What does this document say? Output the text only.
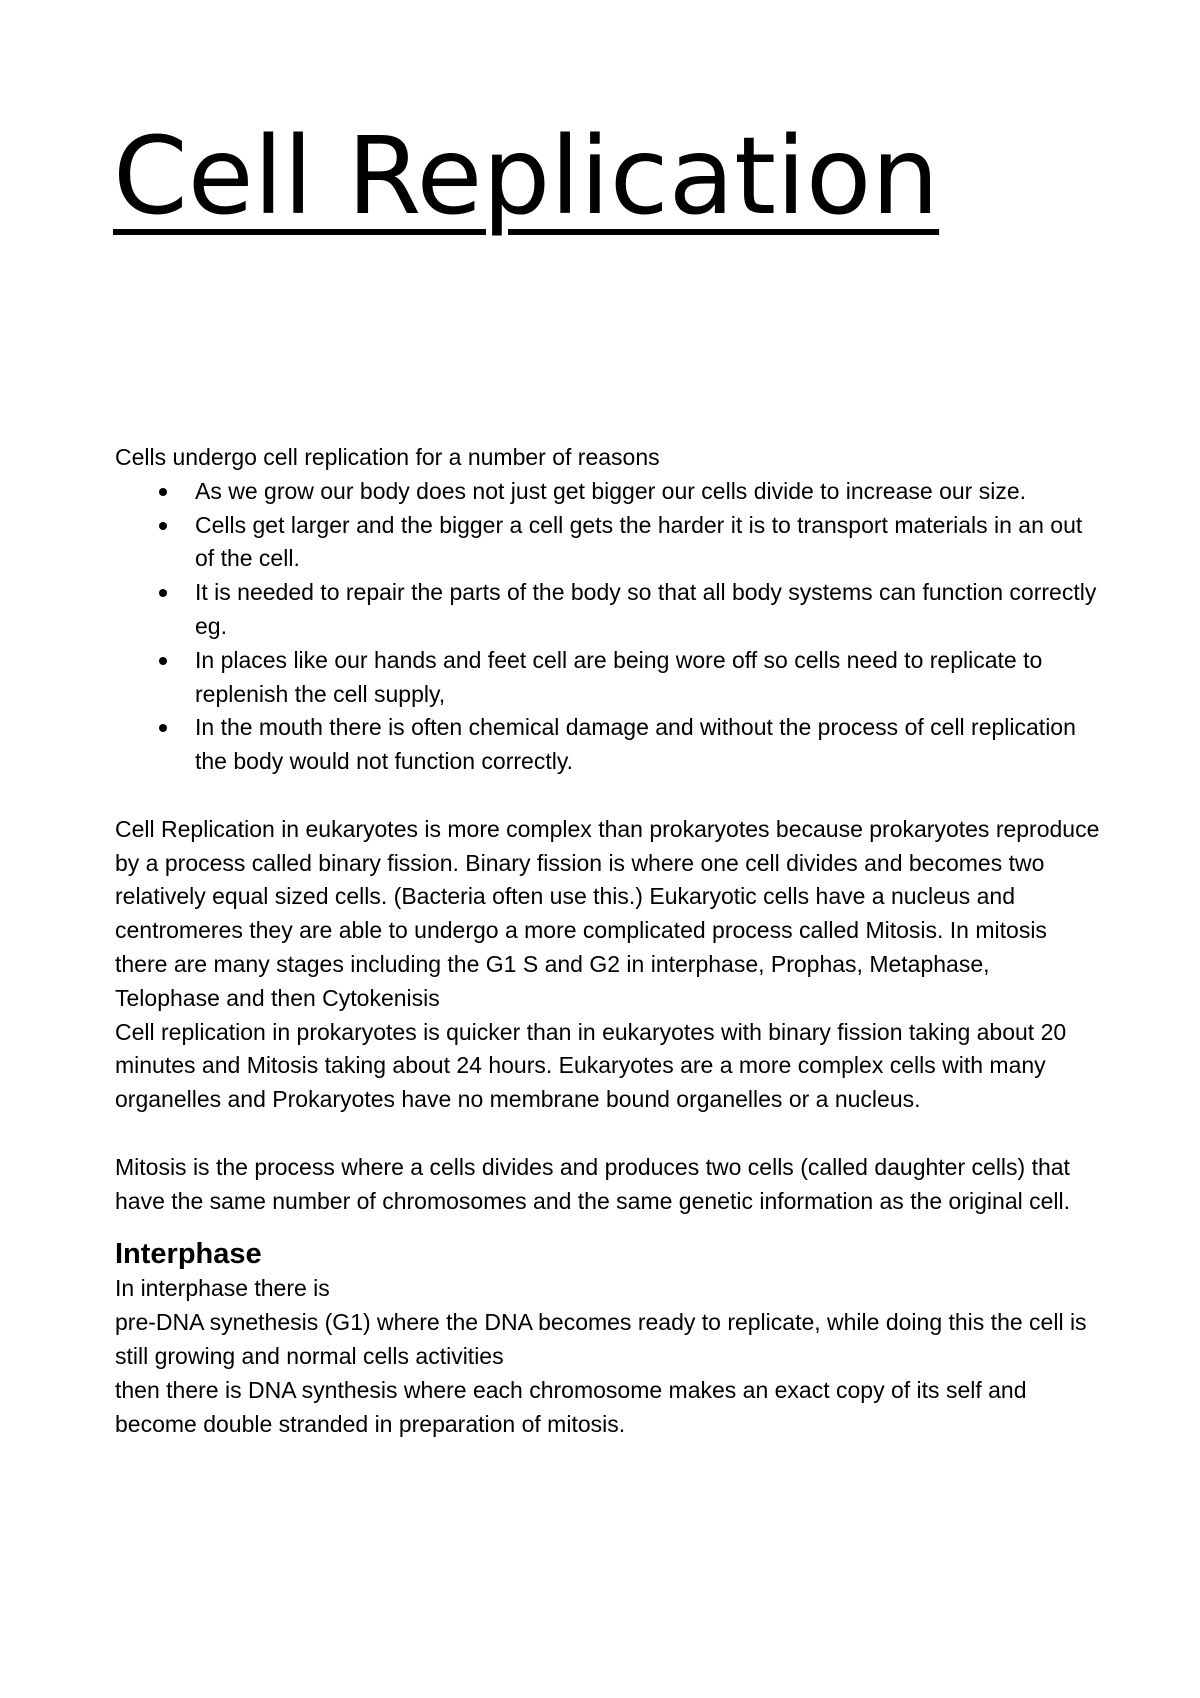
Cell Replication

Cells undergo cell replication for a number of reasons

As we grow our body does not just get bigger our cells divide to increase our size.
Cells get larger and the bigger a cell gets the harder it is to transport materials in an out of the cell.
It is needed to repair the parts of the body so that all body systems can function correctly eg.
In places like our hands and feet cell are being wore off so cells need to replicate to replenish the cell supply,
In the mouth there is often chemical damage and without the process of cell replication the body would not function correctly.

Cell Replication in eukaryotes is more complex than prokaryotes because prokaryotes reproduce by a process called binary fission. Binary fission is where one cell divides and becomes two relatively equal sized cells. (Bacteria often use this.) Eukaryotic cells have a nucleus and centromeres they are able to undergo a more complicated process called Mitosis. In mitosis there are many stages including the G1 S and G2 in interphase, Prophas, Metaphase, Telophase and then Cytokenisis

Cell replication in prokaryotes is quicker than in eukaryotes with binary fission taking about 20 minutes and Mitosis taking about 24 hours. Eukaryotes are a more complex cells with many organelles and Prokaryotes have no membrane bound organelles or a nucleus.

Mitosis is the process where a cells divides and produces two cells (called daughter cells) that have the same number of chromosomes and the same genetic information as the original cell.

Interphase

In interphase there is

pre-DNA synethesis (G1) where the DNA becomes ready to replicate, while doing this the cell is still growing and normal cells activities

then there is DNA synthesis where each chromosome makes an exact copy of its self and become double stranded in preparation of mitosis.
